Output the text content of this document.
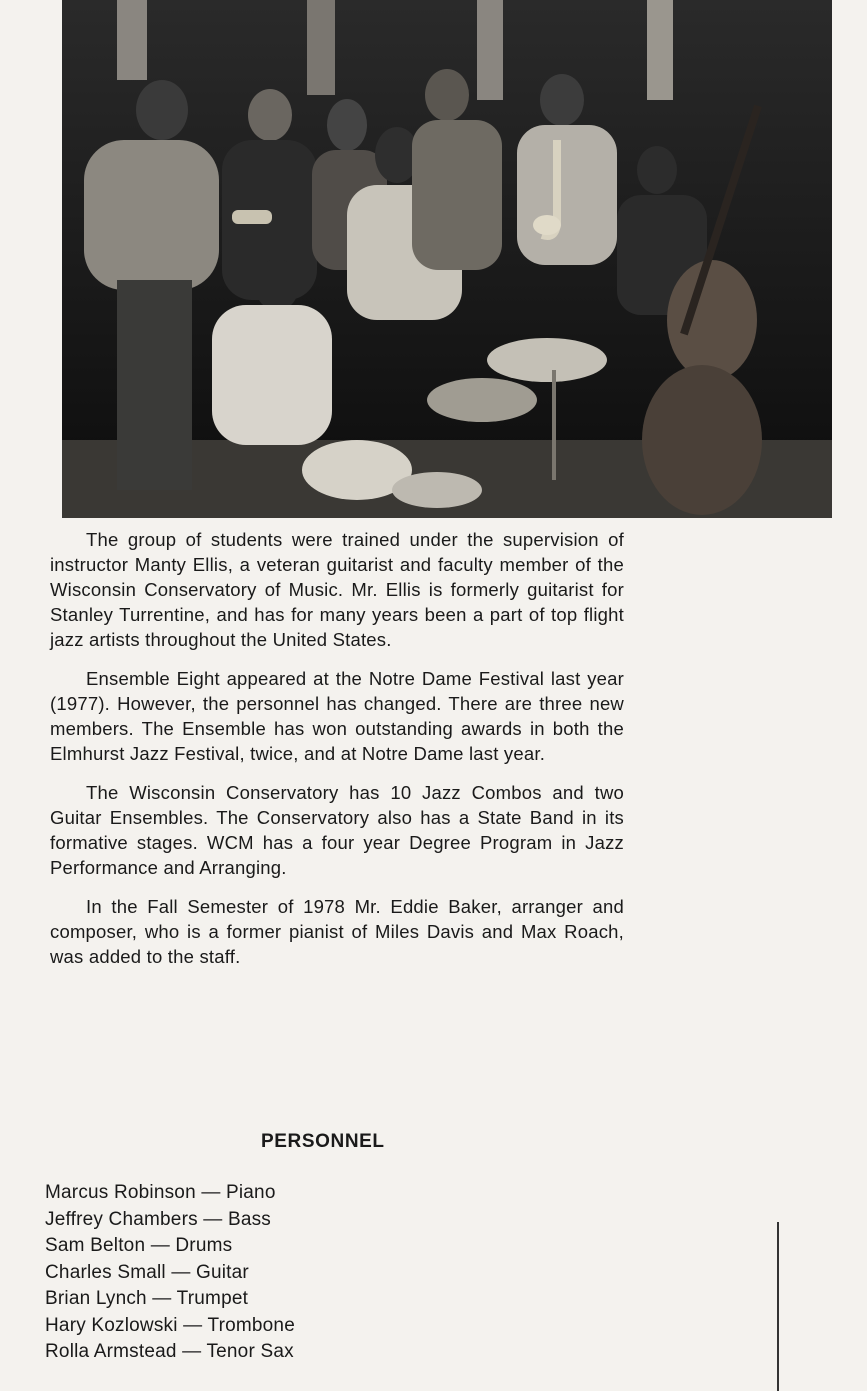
The group of students were trained under the supervision of instructor Manty Ellis, a veteran guitarist and faculty member of the Wisconsin Conservatory of Music. Mr. Ellis is formerly guitarist for Stanley Turrentine, and has for many years been a part of top flight jazz artists throughout the United States.

Ensemble Eight appeared at the Notre Dame Festival last year (1977). However, the personnel has changed. There are three new members. The Ensemble has won outstanding awards in both the Elmhurst Jazz Festival, twice, and at Notre Dame last year.

The Wisconsin Conservatory has 10 Jazz Combos and two Guitar Ensembles. The Conservatory also has a State Band in its formative stages. WCM has a four year Degree Program in Jazz Performance and Arranging.

In the Fall Semester of 1978 Mr. Eddie Baker, arranger and composer, who is a former pianist of Miles Davis and Max Roach, was added to the staff.

PERSONNEL
Marcus Robinson — Piano
Jeffrey Chambers — Bass
Sam Belton — Drums
Charles Small — Guitar
Brian Lynch — Trumpet
Hary Kozlowski — Trombone
Rolla Armstead — Tenor Sax
